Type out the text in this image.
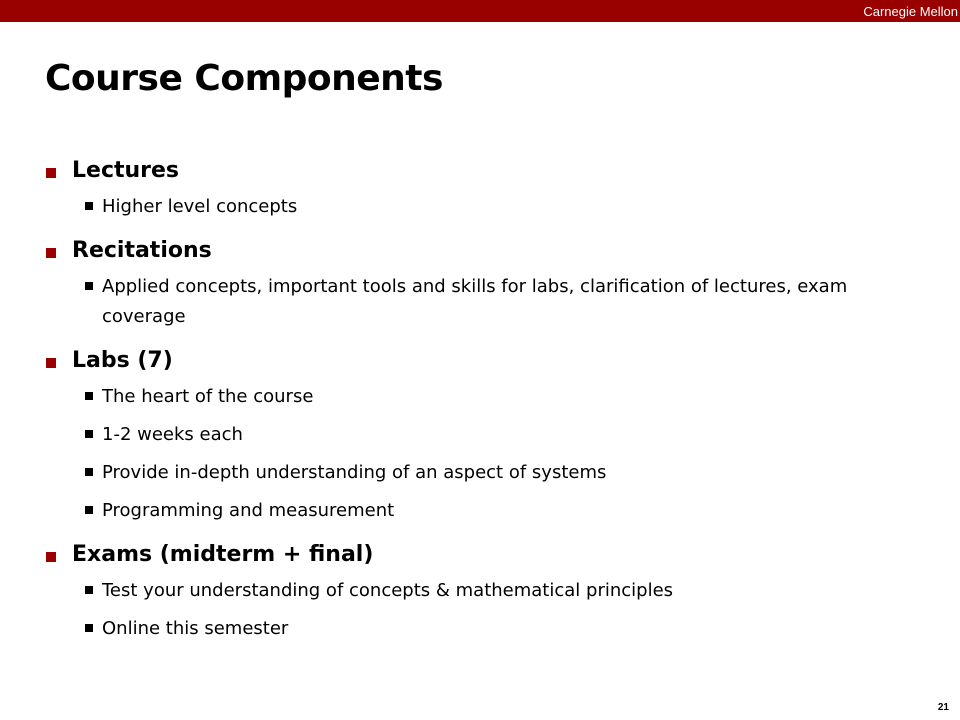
Carnegie Mellon
Course Components
Lectures
Higher level concepts
Recitations
Applied concepts, important tools and skills for labs, clarification of lectures, exam coverage
Labs (7)
The heart of the course
1-2 weeks each
Provide in-depth understanding of an aspect of systems
Programming and measurement
Exams (midterm + final)
Test your understanding of concepts & mathematical principles
Online this semester
21
